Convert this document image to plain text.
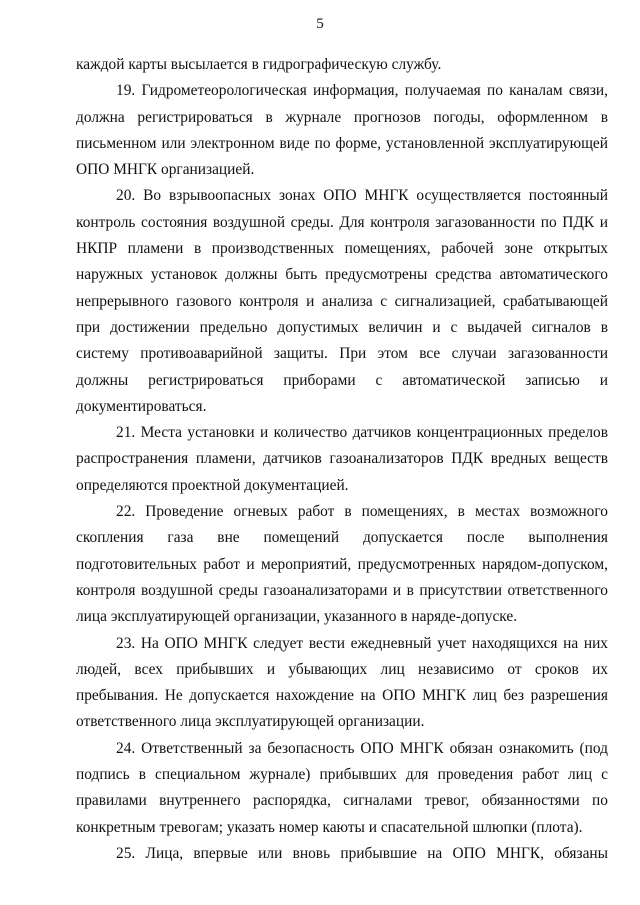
5

каждой карты высылается в гидрографическую службу.

19. Гидрометеорологическая информация, получаемая по каналам связи, должна регистрироваться в журнале прогнозов погоды, оформленном в письменном или электронном виде по форме, установленной эксплуатирующей ОПО МНГК организацией.

20. Во взрывоопасных зонах ОПО МНГК осуществляется постоянный контроль состояния воздушной среды. Для контроля загазованности по ПДК и НКПР пламени в производственных помещениях, рабочей зоне открытых наружных установок должны быть предусмотрены средства автоматического непрерывного газового контроля и анализа с сигнализацией, срабатывающей при достижении предельно допустимых величин и с выдачей сигналов в систему противоаварийной защиты. При этом все случаи загазованности должны регистрироваться приборами с автоматической записью и документироваться.

21. Места установки и количество датчиков концентрационных пределов распространения пламени, датчиков газоанализаторов ПДК вредных веществ определяются проектной документацией.

22. Проведение огневых работ в помещениях, в местах возможного скопления газа вне помещений допускается после выполнения подготовительных работ и мероприятий, предусмотренных нарядом-допуском, контроля воздушной среды газоанализаторами и в присутствии ответственного лица эксплуатирующей организации, указанного в наряде-допуске.

23. На ОПО МНГК следует вести ежедневный учет находящихся на них людей, всех прибывших и убывающих лиц независимо от сроков их пребывания. Не допускается нахождение на ОПО МНГК лиц без разрешения ответственного лица эксплуатирующей организации.

24. Ответственный за безопасность ОПО МНГК обязан ознакомить (под подпись в специальном журнале) прибывших для проведения работ лиц с правилами внутреннего распорядка, сигналами тревог, обязанностями по конкретным тревогам; указать номер каюты и спасательной шлюпки (плота).

25. Лица, впервые или вновь прибывшие на ОПО МНГК, обязаны
